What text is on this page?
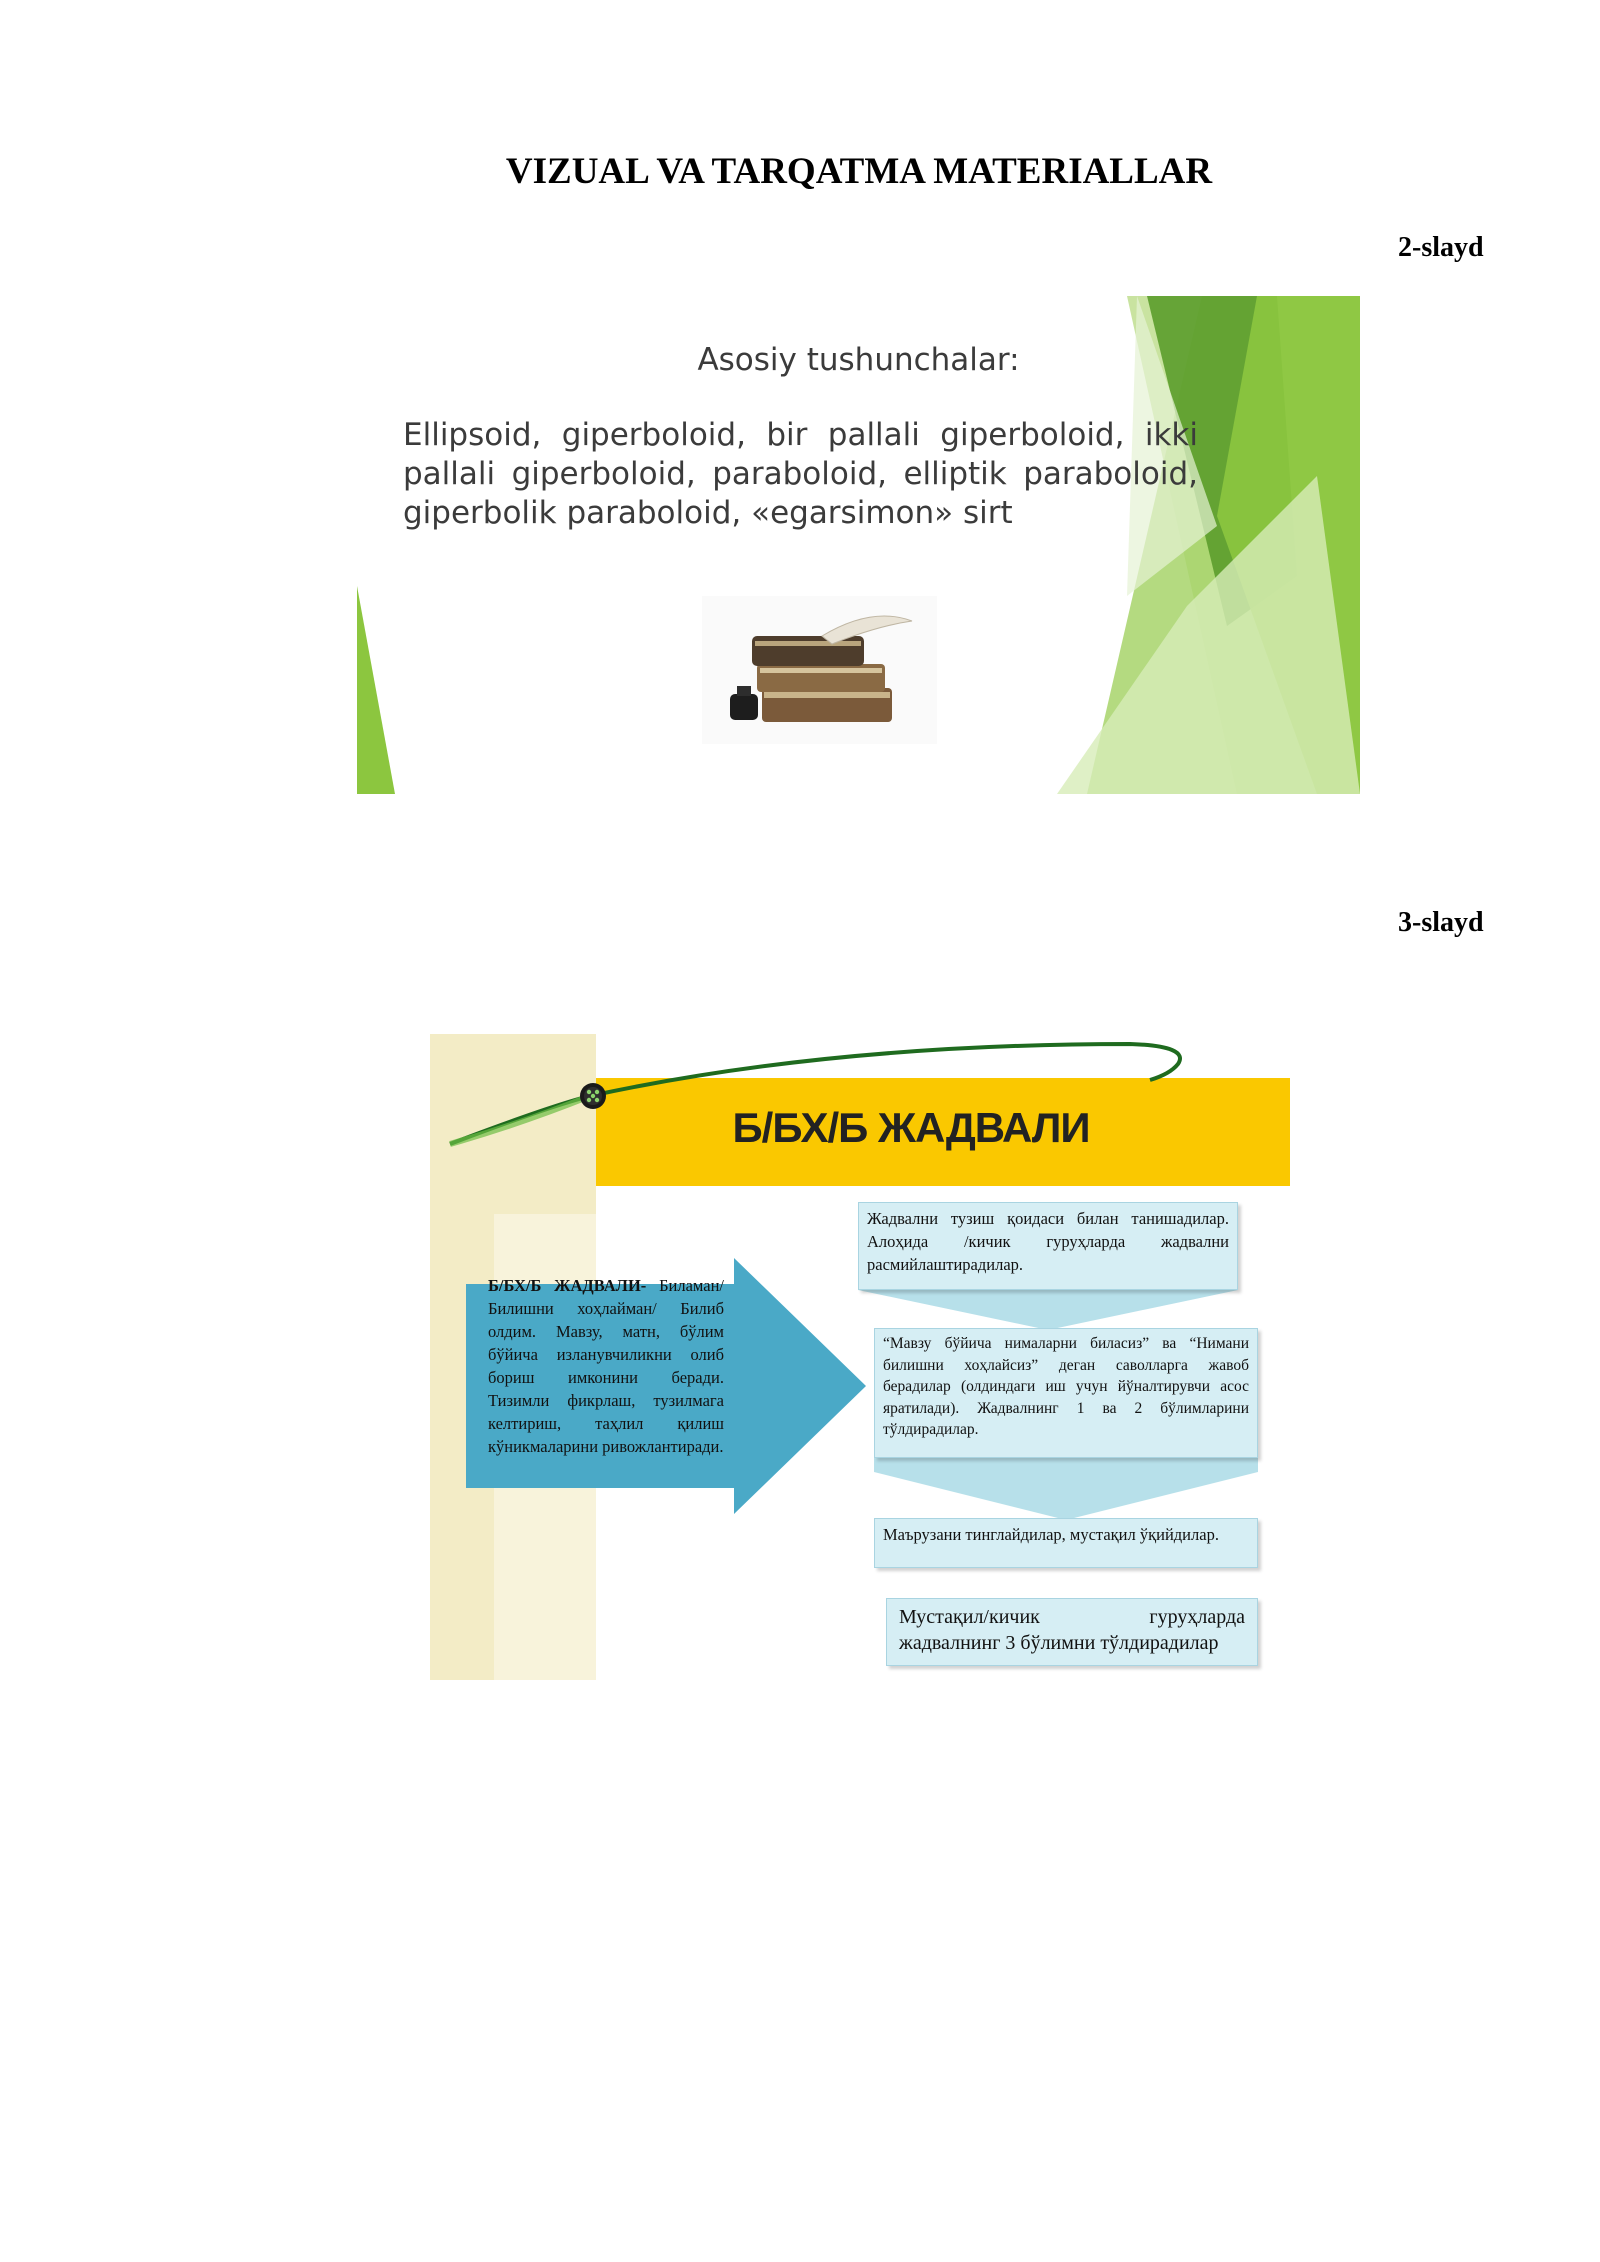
VIZUAL VA TARQATMA MATERIALLAR
2-slayd
Asosiy tushunchalar:
Ellipsoid, giperboloid, bir pallali giperboloid, ikki pallali giperboloid, paraboloid, elliptik paraboloid, giperbolik paraboloid, «egarsimon» sirt
3-slayd
Б/БХ/Б ЖАДВАЛИ
Б/БХ/Б ЖАДВАЛИ- Биламан/ Билишни хоҳлайман/ Билиб олдим. Мавзу, матн, бўлим бўйича изланувчиликни олиб бориш имконини беради. Тизимли фикрлаш, тузилмага келтириш, таҳлил қилиш кўникмаларини ривожлантиради.
Жадвални тузиш қоидаси билан танишадилар. Алоҳида /кичик гуруҳларда жадвални расмийлаштирадилар.
“Мавзу бўйича нималарни биласиз” ва “Нимани билишни хоҳлайсиз” деган саволларга жавоб берадилар (олдиндаги иш учун йўналтирувчи асос яратилади). Жадвалнинг 1 ва 2 бўлимларини тўлдирадилар.
Маърузани тинглайдилар, мустақил ўқийдилар.
Мустақил/кичик гуруҳларда жадвалнинг 3 бўлимни тўлдирадилар
